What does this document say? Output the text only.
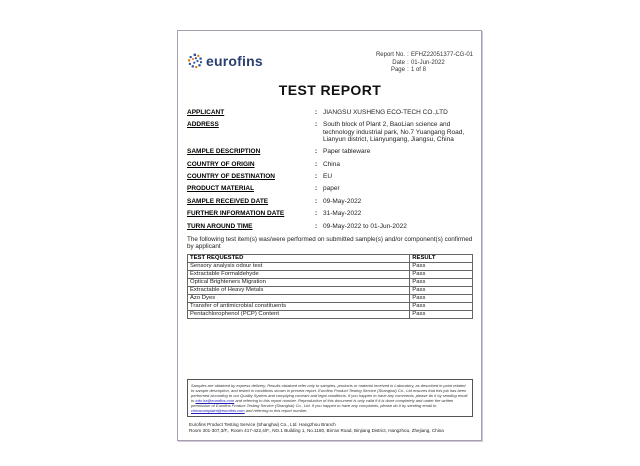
eurofins	Report No. : EFHZ22051377-CG-01
Date : 01-Jun-2022
Page : 1 of 8
TEST REPORT
APPLICANT	: JIANGSU XUSHENG ECO-TECH CO.,LTD
ADDRESS	: South block of Plant 2, BaoLian science and technology industrial park, No.7 Yuangang Road, Lianyun district, Lianyungang, Jiangsu, China
SAMPLE DESCRIPTION	: Paper tableware
COUNTRY OF ORIGIN	: China
COUNTRY OF DESTINATION	: EU
PRODUCT MATERIAL	: paper
SAMPLE RECEIVED DATE	: 09-May-2022
FURTHER INFORMATION DATE	: 31-May-2022
TURN AROUND TIME	: 09-May-2022 to 01-Jun-2022
The following test item(s) was/were performed on submitted sample(s) and/or component(s) confirmed by applicant
TEST REQUESTED	RESULT
Sensory analysis odour test	Pass
Extractable Formaldehyde	Pass
Optical Brighteners Migration	Pass
Extractable of Heavy Metals	Pass
Azo Dyes	Pass
Transfer of antimicrobial constituents	Pass
Pentachlorophenol (PCP) Content	Pass
Samples are obtained by express delivery, Results obtained refer only to samples, products or material received in Laboratory, as described in point related to sample description, and tested in conditions shown in present report. Eurofins Product Testing Service (Shanghai) Co., Ltd ensures that this job has been performed according to our Quality System and complying contract and legal conditions. If you happen to have any comments, please do it by sending email to info.hz@eurofins.com and referring to this report number. Reproduction of this document is only valid if it is done completely and under the written permission of Eurofins Product Testing Service (Shanghai) Co., Ltd. If you happen to have any complaints, please do it by sending email to chinacomplaint@eurofins.com and referring to this report number.
Eurofins Product Testing Service (Shanghai) Co., Ltd. Hangzhou Branch
Room 301-307,3/F., Room 417-422,4/F., NO.1 Building 1, No.1180, Bin'an Road, Binjiang District, Hangzhou, Zhejiang, China
